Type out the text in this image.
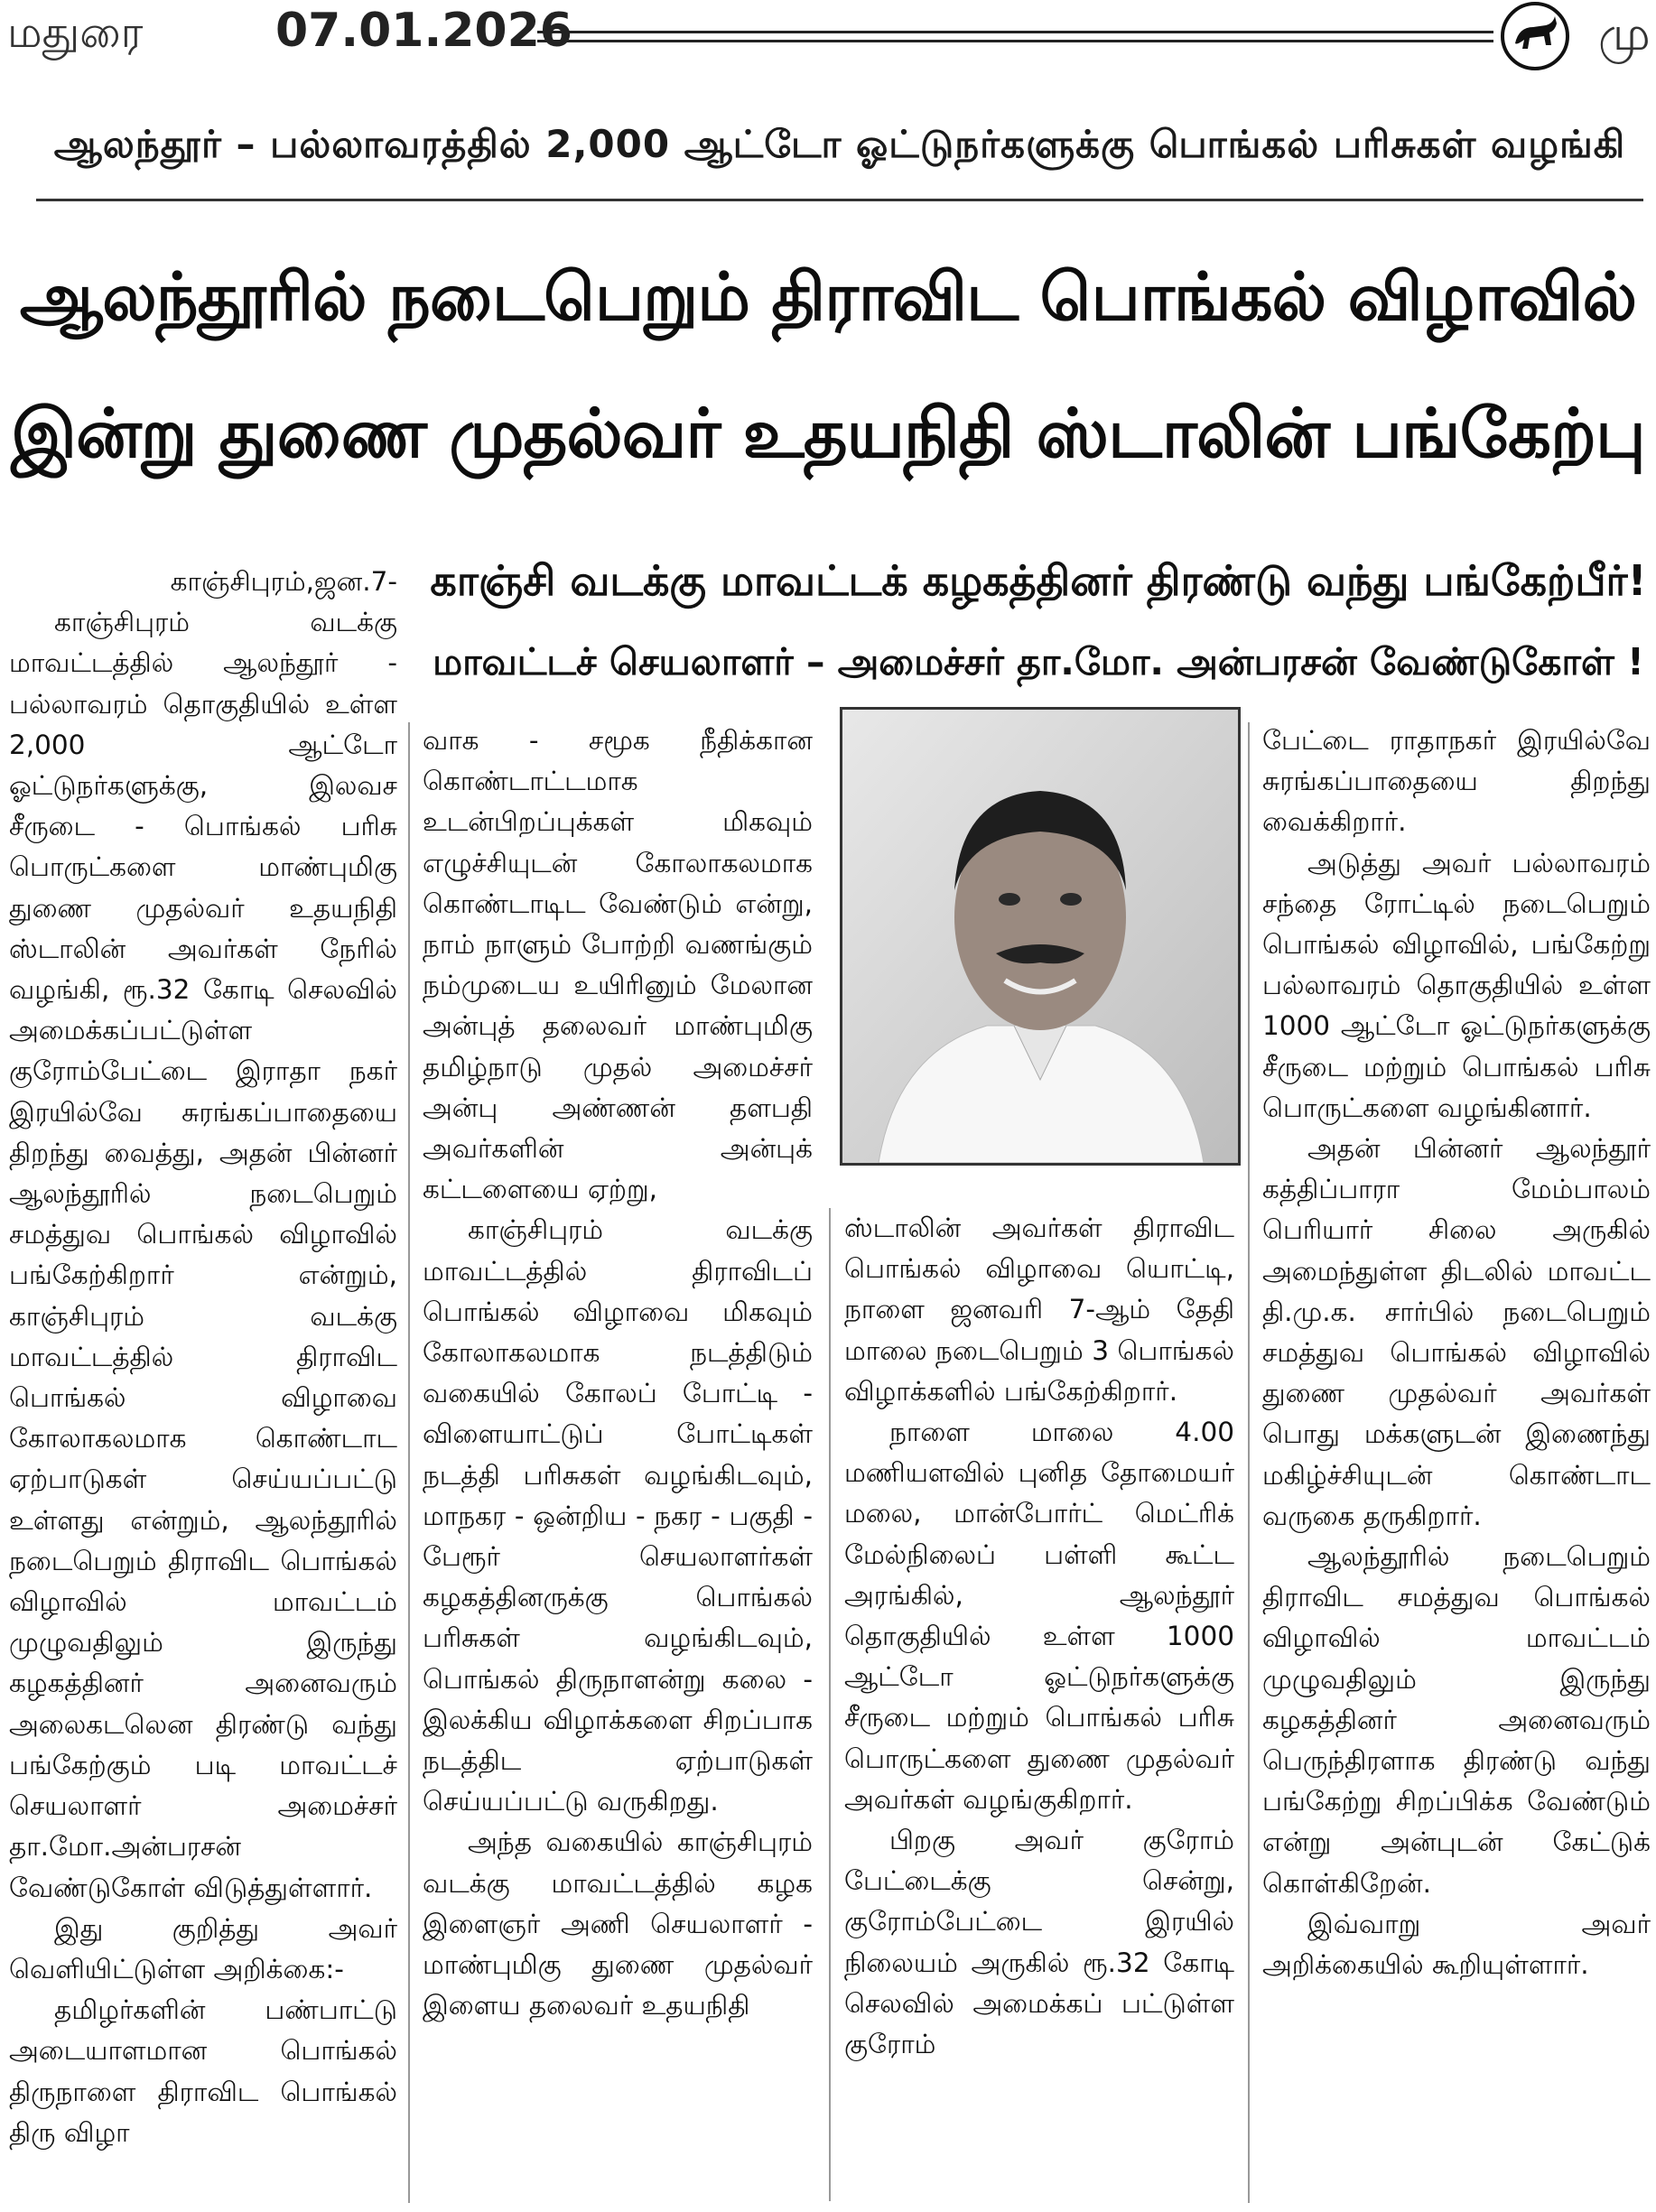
மதுரை	07.01.2026	மு
ஆலந்தூர் – பல்லாவரத்தில் 2,000 ஆட்டோ ஓட்டுநர்களுக்கு பொங்கல் பரிசுகள் வழங்கி
ஆலந்தூரில் நடைபெறும் திராவிட பொங்கல் விழாவில்
இன்று துணை முதல்வர் உதயநிதி ஸ்டாலின் பங்கேற்பு
காஞ்சி வடக்கு மாவட்டக் கழகத்தினர் திரண்டு வந்து பங்கேற்பீர்!
மாவட்டச் செயலாளர் – அமைச்சர் தா.மோ. அன்பரசன் வேண்டுகோள் !

காஞ்சிபுரம்,ஜன.7-

காஞ்சிபுரம் வடக்கு மாவட்டத்தில் ஆலந்தூர் - பல்லாவரம் தொகுதியில் உள்ள 2,000 ஆட்டோ ஓட்டுநர்களுக்கு, இலவச சீருடை - பொங்கல் பரிசு பொருட்களை மாண்புமிகு துணை முதல்வர் உதயநிதி ஸ்டாலின் அவர்கள் நேரில் வழங்கி, ரூ.32 கோடி செலவில் அமைக்கப்பட்டுள்ள குரோம்பேட்டை இராதா நகர் இரயில்வே சுரங்கப்பாதையை திறந்து வைத்து, அதன் பின்னர் ஆலந்தூரில் நடைபெறும் சமத்துவ பொங்கல் விழாவில் பங்கேற்கிறார் என்றும், காஞ்சிபுரம் வடக்கு மாவட்டத்தில் திராவிட பொங்கல் விழாவை கோலாகலமாக கொண்டாட ஏற்பாடுகள் செய்யப்பட்டு உள்ளது என்றும், ஆலந்தூரில் நடைபெறும் திராவிட பொங்கல் விழாவில் மாவட்டம் முழுவதிலும் இருந்து கழகத்தினர் அனைவரும் அலைகடலென திரண்டு வந்து பங்கேற்கும் படி மாவட்டச் செயலாளர் அமைச்சர் தா.மோ.அன்பரசன் வேண்டுகோள் விடுத்துள்ளார்.

இது குறித்து அவர் வெளியிட்டுள்ள அறிக்கை:-

தமிழர்களின் பண்பாட்டு அடையாளமான பொங்கல் திருநாளை திராவிட பொங்கல் திரு விழா

வாக - சமூக நீதிக்கான கொண்டாட்டமாக உடன்பிறப்புக்கள் மிகவும் எழுச்சியுடன் கோலாகலமாக கொண்டாடிட வேண்டும் என்று, நாம் நாளும் போற்றி வணங்கும் நம்முடைய உயிரினும் மேலான அன்புத் தலைவர் மாண்புமிகு தமிழ்நாடு முதல் அமைச்சர் அன்பு அண்ணன் தளபதி அவர்களின் அன்புக் கட்டளையை ஏற்று,

காஞ்சிபுரம் வடக்கு மாவட்டத்தில் திராவிடப் பொங்கல் விழாவை மிகவும் கோலாகலமாக நடத்திடும் வகையில் கோலப் போட்டி - விளையாட்டுப் போட்டிகள் நடத்தி பரிசுகள் வழங்கிடவும், மாநகர - ஒன்றிய - நகர - பகுதி - பேரூர் செயலாளர்கள் கழகத்தினருக்கு பொங்கல் பரிசுகள் வழங்கிடவும், பொங்கல் திருநாளன்று கலை - இலக்கிய விழாக்களை சிறப்பாக நடத்திட ஏற்பாடுகள் செய்யப்பட்டு வருகிறது.

அந்த வகையில் காஞ்சிபுரம் வடக்கு மாவட்டத்தில் கழக இளைஞர் அணி செயலாளர் - மாண்புமிகு துணை முதல்வர் இளைய தலைவர் உதயநிதி

ஸ்டாலின் அவர்கள் திராவிட பொங்கல் விழாவை யொட்டி, நாளை ஜனவரி 7-ஆம் தேதி மாலை நடைபெறும் 3 பொங்கல் விழாக்களில் பங்கேற்கிறார்.

நாளை மாலை 4.00 மணியளவில் புனித தோமையர் மலை, மான்போர்ட் மெட்ரிக் மேல்நிலைப் பள்ளி கூட்ட அரங்கில், ஆலந்தூர் தொகுதியில் உள்ள 1000 ஆட்டோ ஓட்டுநர்களுக்கு சீருடை மற்றும் பொங்கல் பரிசு பொருட்களை துணை முதல்வர் அவர்கள் வழங்குகிறார்.

பிறகு அவர் குரோம் பேட்டைக்கு சென்று, குரோம்பேட்டை இரயில் நிலையம் அருகில் ரூ.32 கோடி செலவில் அமைக்கப் பட்டுள்ள குரோம்

பேட்டை ராதாநகர் இரயில்வே சுரங்கப்பாதையை திறந்து வைக்கிறார்.

அடுத்து அவர் பல்லாவரம் சந்தை ரோட்டில் நடைபெறும் பொங்கல் விழாவில், பங்கேற்று பல்லாவரம் தொகுதியில் உள்ள 1000 ஆட்டோ ஓட்டுநர்களுக்கு சீருடை மற்றும் பொங்கல் பரிசு பொருட்களை வழங்கினார்.

அதன் பின்னர் ஆலந்தூர் கத்திப்பாரா மேம்பாலம் பெரியார் சிலை அருகில் அமைந்துள்ள திடலில் மாவட்ட தி.மு.க. சார்பில் நடைபெறும் சமத்துவ பொங்கல் விழாவில் துணை முதல்வர் அவர்கள் பொது மக்களுடன் இணைந்து மகிழ்ச்சியுடன் கொண்டாட வருகை தருகிறார்.

ஆலந்தூரில் நடைபெறும் திராவிட சமத்துவ பொங்கல் விழாவில் மாவட்டம் முழுவதிலும் இருந்து கழகத்தினர் அனைவரும் பெருந்திரளாக திரண்டு வந்து பங்கேற்று சிறப்பிக்க வேண்டும் என்று அன்புடன் கேட்டுக் கொள்கிறேன்.

இவ்வாறு அவர் அறிக்கையில் கூறியுள்ளார்.
